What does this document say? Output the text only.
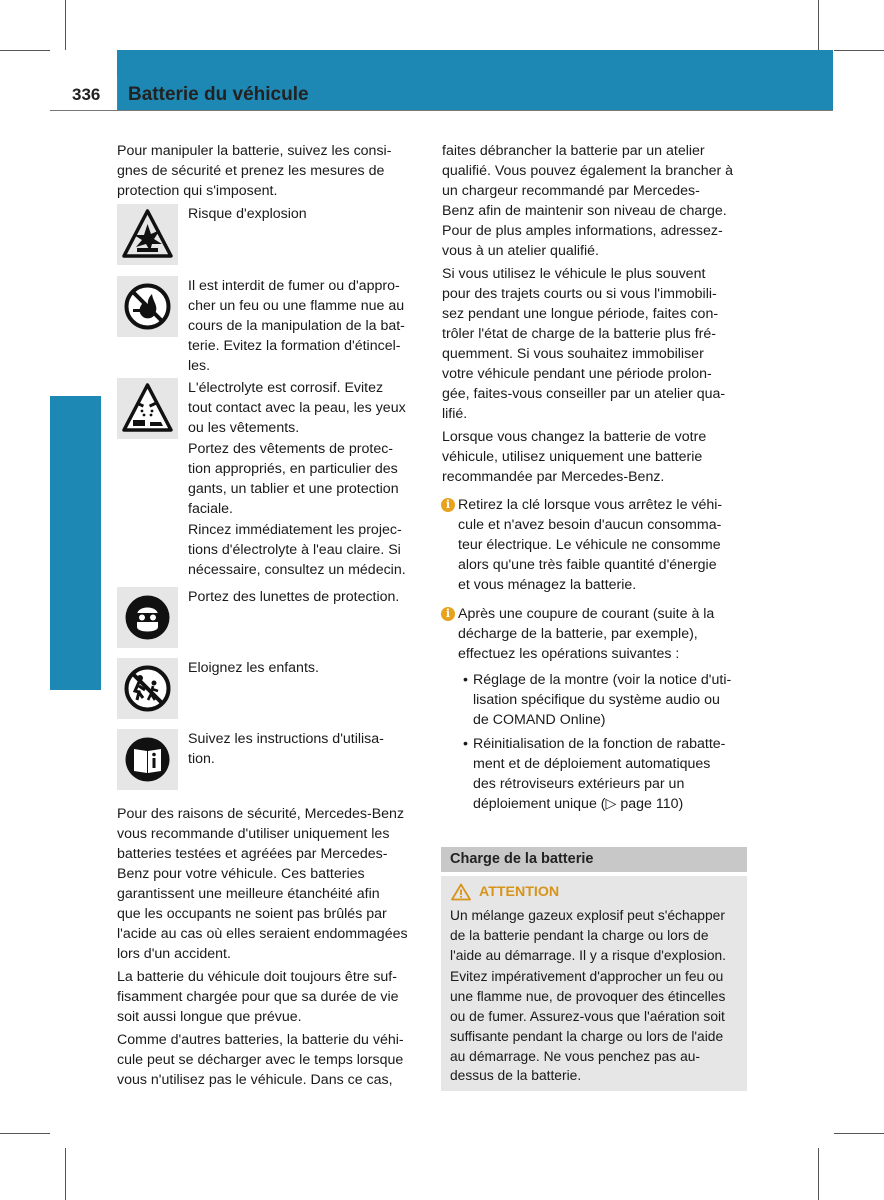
336 Batterie du véhicule
Assistance dépannage
Pour manipuler la batterie, suivez les consi-
gnes de sécurité et prenez les mesures de
protection qui s'imposent.

Risque d'explosion

Il est interdit de fumer ou d'appro-
cher un feu ou une flamme nue au
cours de la manipulation de la bat-
terie. Evitez la formation d'étincel-
les.

L'électrolyte est corrosif. Evitez
tout contact avec la peau, les yeux
ou les vêtements.

Portez des vêtements de protec-
tion appropriés, en particulier des
gants, un tablier et une protection
faciale.

Rincez immédiatement les projec-
tions d'électrolyte à l'eau claire. Si
nécessaire, consultez un médecin.

Portez des lunettes de protection.

Eloignez les enfants.

Suivez les instructions d'utilisa-
tion.

Pour des raisons de sécurité, Mercedes-Benz
vous recommande d'utiliser uniquement les
batteries testées et agréées par Mercedes-
Benz pour votre véhicule. Ces batteries
garantissent une meilleure étanchéité afin
que les occupants ne soient pas brûlés par
l'acide au cas où elles seraient endommagées
lors d'un accident.

La batterie du véhicule doit toujours être suf-
fisamment chargée pour que sa durée de vie
soit aussi longue que prévue.

Comme d'autres batteries, la batterie du véhi-
cule peut se décharger avec le temps lorsque
vous n'utilisez pas le véhicule. Dans ce cas,

faites débrancher la batterie par un atelier
qualifié. Vous pouvez également la brancher à
un chargeur recommandé par Mercedes-
Benz afin de maintenir son niveau de charge.
Pour de plus amples informations, adressez-
vous à un atelier qualifié.

Si vous utilisez le véhicule le plus souvent
pour des trajets courts ou si vous l'immobili-
sez pendant une longue période, faites con-
trôler l'état de charge de la batterie plus fré-
quemment. Si vous souhaitez immobiliser
votre véhicule pendant une période prolon-
gée, faites-vous conseiller par un atelier qua-
lifié.

Lorsque vous changez la batterie de votre
véhicule, utilisez uniquement une batterie
recommandée par Mercedes-Benz.

i Retirez la clé lorsque vous arrêtez le véhi-
cule et n'avez besoin d'aucun consomma-
teur électrique. Le véhicule ne consomme
alors qu'une très faible quantité d'énergie
et vous ménagez la batterie.
i Après une coupure de courant (suite à la
décharge de la batterie, par exemple),
effectuez les opérations suivantes :
• Réglage de la montre (voir la notice d'uti-
lisation spécifique du système audio ou
de COMAND Online)
• Réinitialisation de la fonction de rabatte-
ment et de déploiement automatiques
des rétroviseurs extérieurs par un
déploiement unique (▷ page 110)
Charge de la batterie
ATTENTION

Un mélange gazeux explosif peut s'échapper
de la batterie pendant la charge ou lors de
l'aide au démarrage. Il y a risque d'explosion.

Evitez impérativement d'approcher un feu ou
une flamme nue, de provoquer des étincelles
ou de fumer. Assurez-vous que l'aération soit
suffisante pendant la charge ou lors de l'aide
au démarrage. Ne vous penchez pas au-
dessus de la batterie.
